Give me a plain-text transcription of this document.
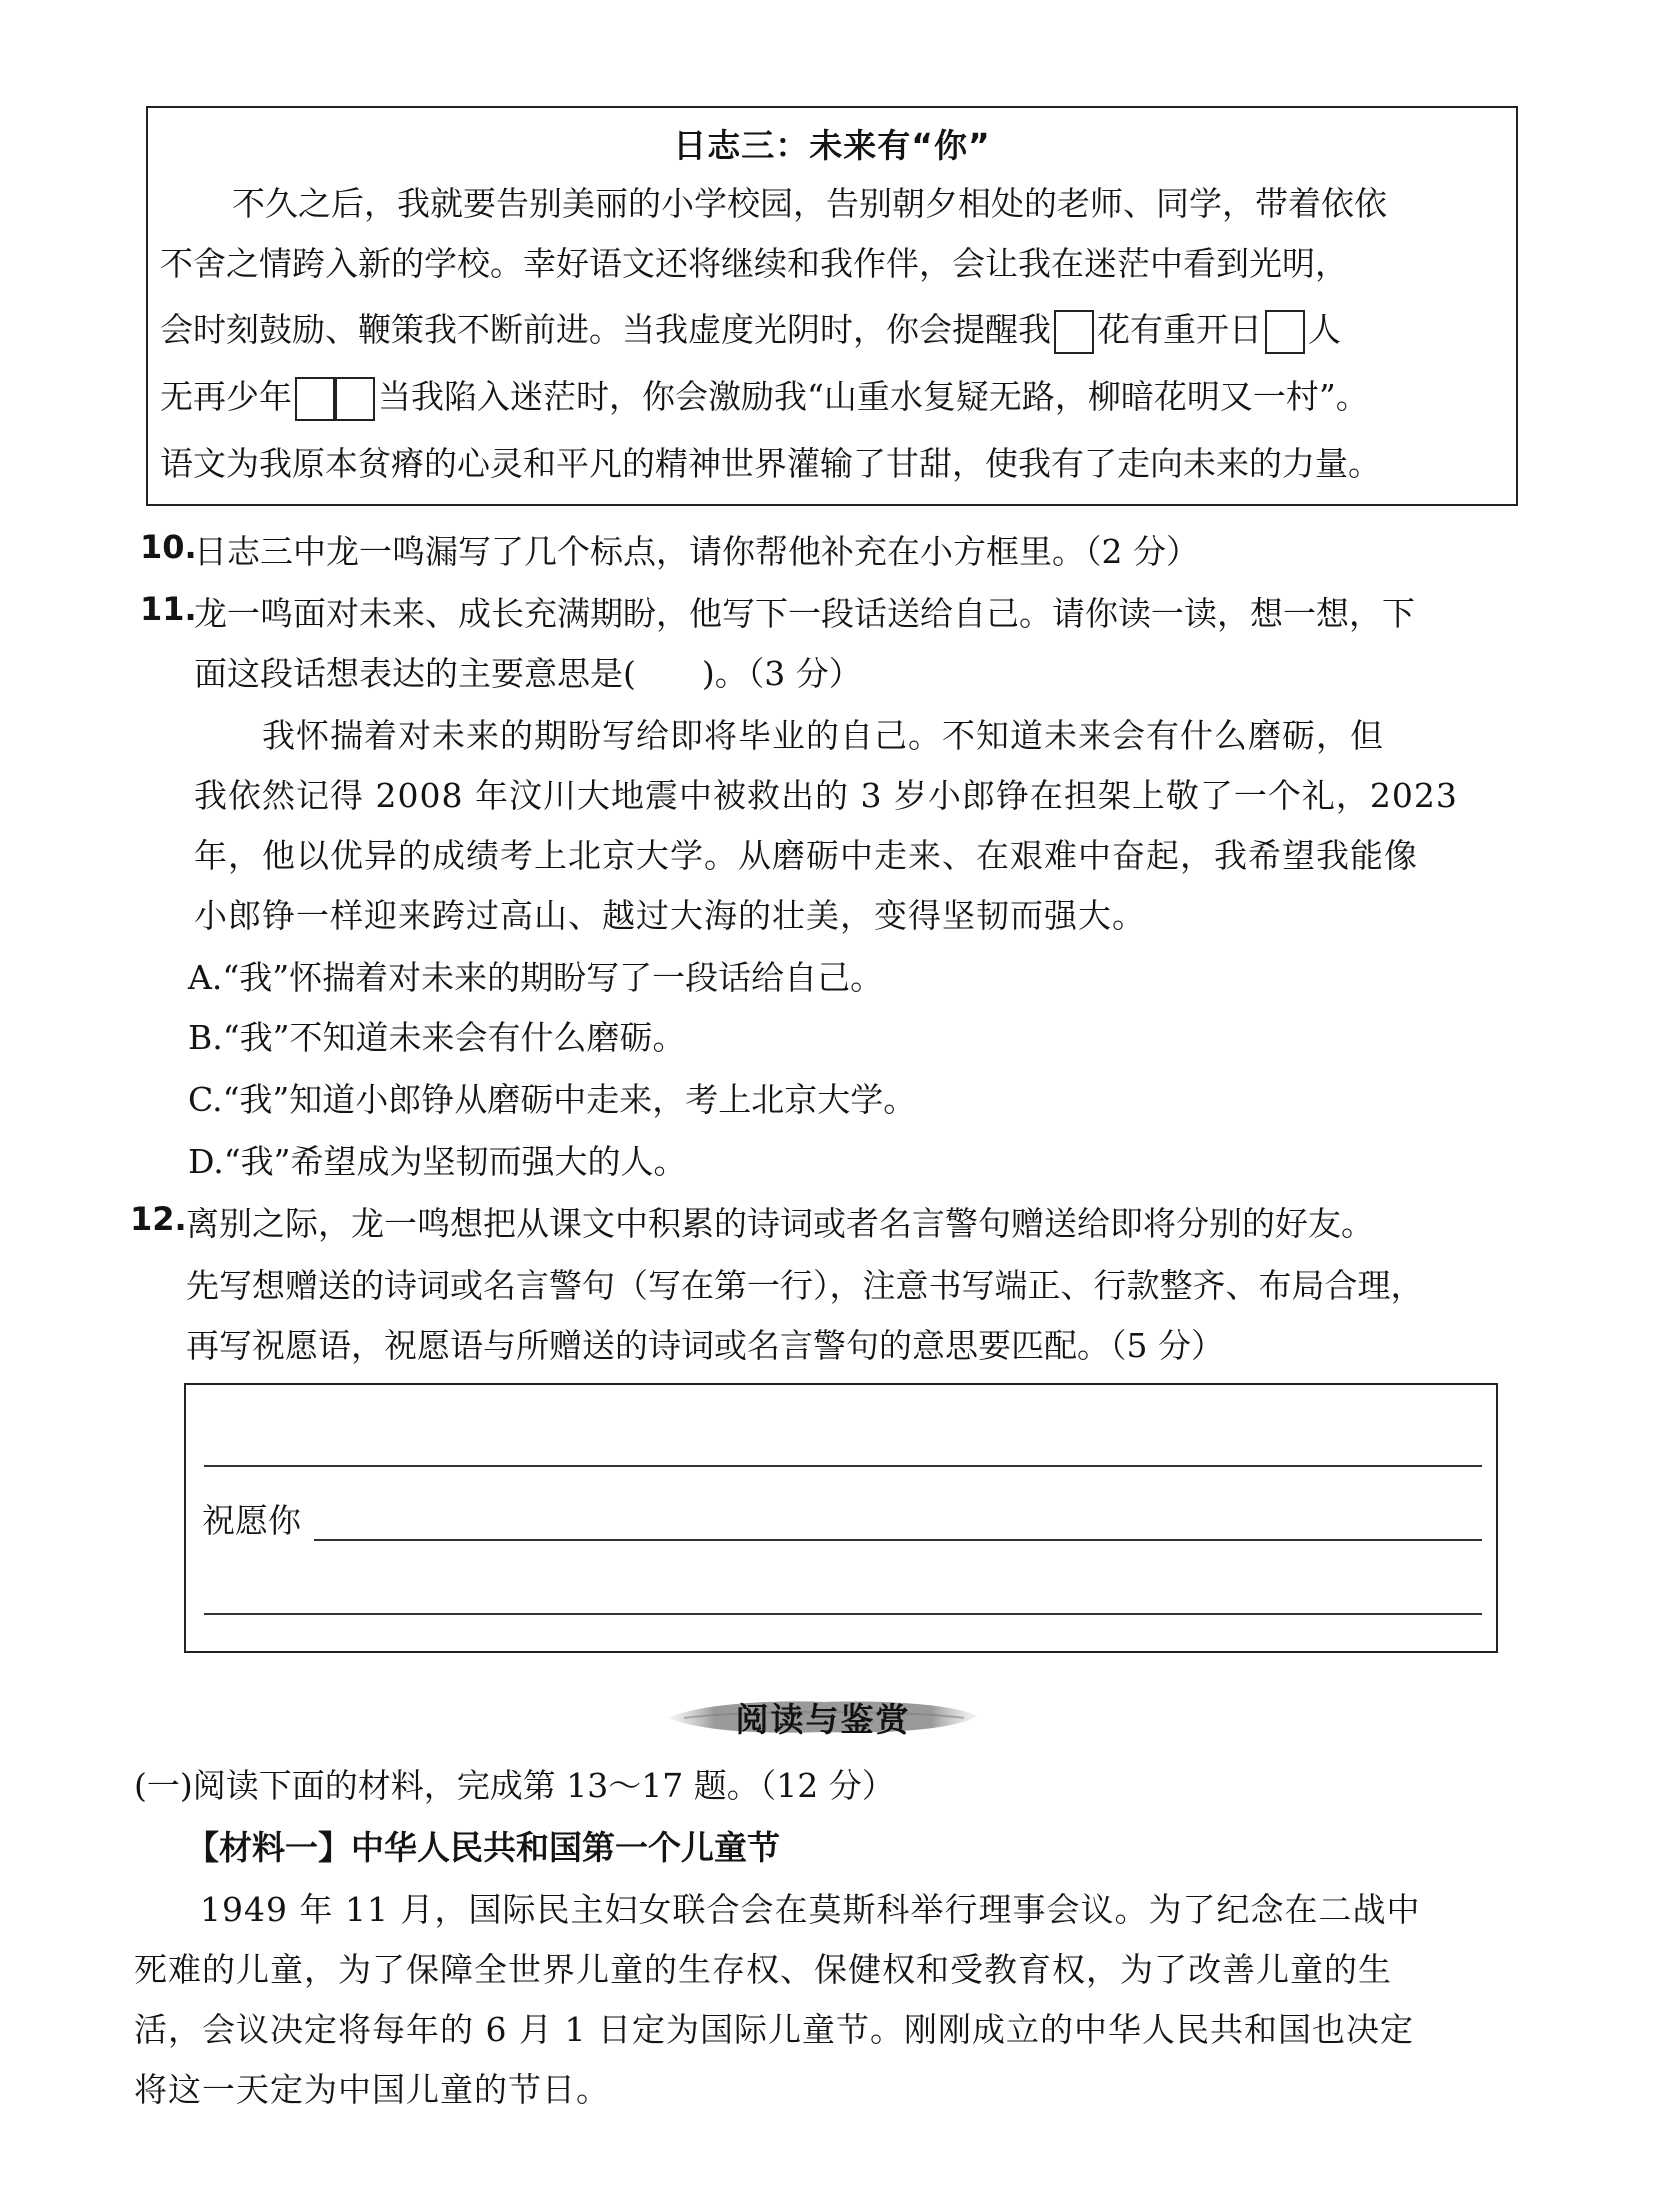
日志三：未来有“你”
不久之后，我就要告别美丽的小学校园，告别朝夕相处的老师、同学，带着依依
不舍之情跨入新的学校。幸好语文还将继续和我作伴，会让我在迷茫中看到光明，
会时刻鼓励、鞭策我不断前进。当我虚度光阴时，你会提醒我 花有重开日 人
无再少年	当我陷入迷茫时，你会激励我“山重水复疑无路，柳暗花明又一村”。
语文为我原本贫瘠的心灵和平凡的精神世界灌输了甘甜，使我有了走向未来的力量。
10.
日志三中龙一鸣漏写了几个标点，请你帮他补充在小方框里。（2 分）
11.
龙一鸣面对未来、成长充满期盼，他写下一段话送给自己。请你读一读，想一想，下
面这段话想表达的主要意思是(　　)。（3 分）
我怀揣着对未来的期盼写给即将毕业的自己。不知道未来会有什么磨砺，但
我依然记得 2008 年汶川大地震中被救出的 3 岁小郎铮在担架上敬了一个礼，2023
年，他以优异的成绩考上北京大学。从磨砺中走来、在艰难中奋起，我希望我能像
小郎铮一样迎来跨过高山、越过大海的壮美，变得坚韧而强大。
A.“我”怀揣着对未来的期盼写了一段话给自己。
B.“我”不知道未来会有什么磨砺。
C.“我”知道小郎铮从磨砺中走来，考上北京大学。
D.“我”希望成为坚韧而强大的人。
12. 离别之际，龙一鸣想把从课文中积累的诗词或者名言警句赠送给即将分别的好友。
先写想赠送的诗词或名言警句（写在第一行），注意书写端正、行款整齐、布局合理，
再写祝愿语，祝愿语与所赠送的诗词或名言警句的意思要匹配。（5 分）
祝愿你
阅读与鉴赏
(一)阅读下面的材料，完成第 13～17 题。（12 分）
【材料一】中华人民共和国第一个儿童节
1949 年 11 月，国际民主妇女联合会在莫斯科举行理事会议。为了纪念在二战中
死难的儿童，为了保障全世界儿童的生存权、保健权和受教育权，为了改善儿童的生
活，会议决定将每年的 6 月 1 日定为国际儿童节。刚刚成立的中华人民共和国也决定
将这一天定为中国儿童的节日。
